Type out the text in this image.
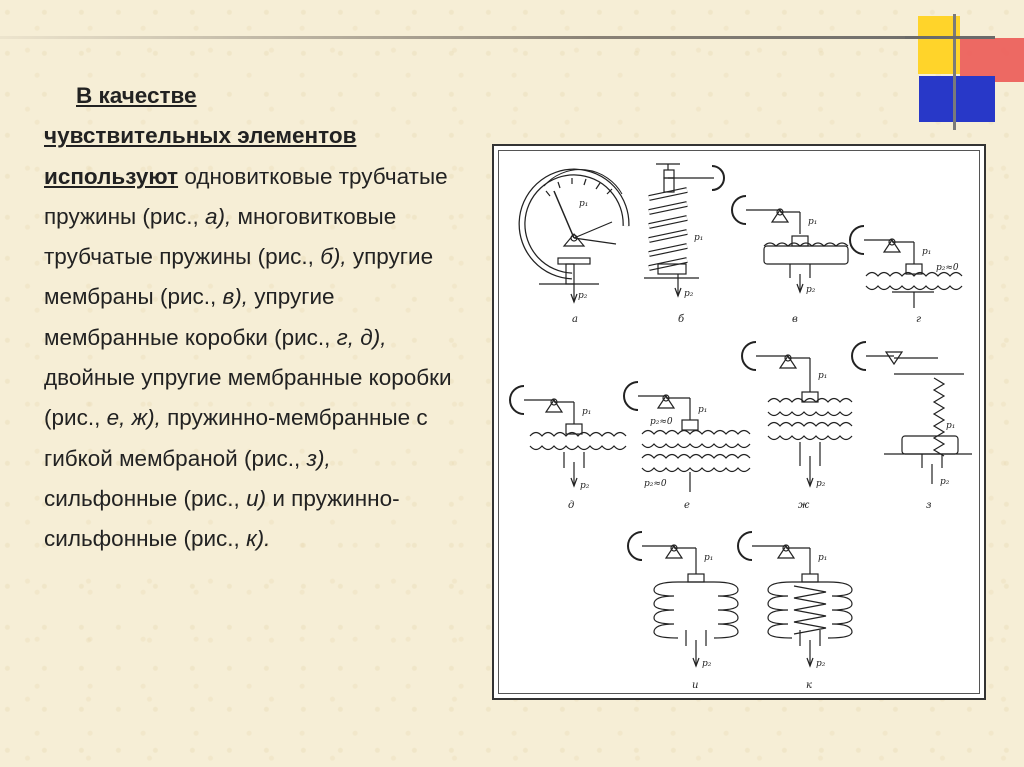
В качестве
чувствительных элементов
используют одновитковые трубчатые пружины (рис., а), многовитковые трубчатые пружины (рис., б), упругие мембраны (рис., в), упругие мембранные коробки (рис., г, д), двойные упругие мембранные коробки (рис., е, ж), пружинно-мембранные с гибкой мембраной (рис., з), сильфонные (рис., и) и пружинно-сильфонные (рис., к).
p₁
p₂
а
p₁
p₂
б
p₁
p₂
в
p₁
p₂≈0
г
p₁
p₂
д
p₁
p₂≈0
p₂≈0
е
p₁
p₂
ж
p₁
p₂
з
p₁
p₂
и
p₁
p₂
к
